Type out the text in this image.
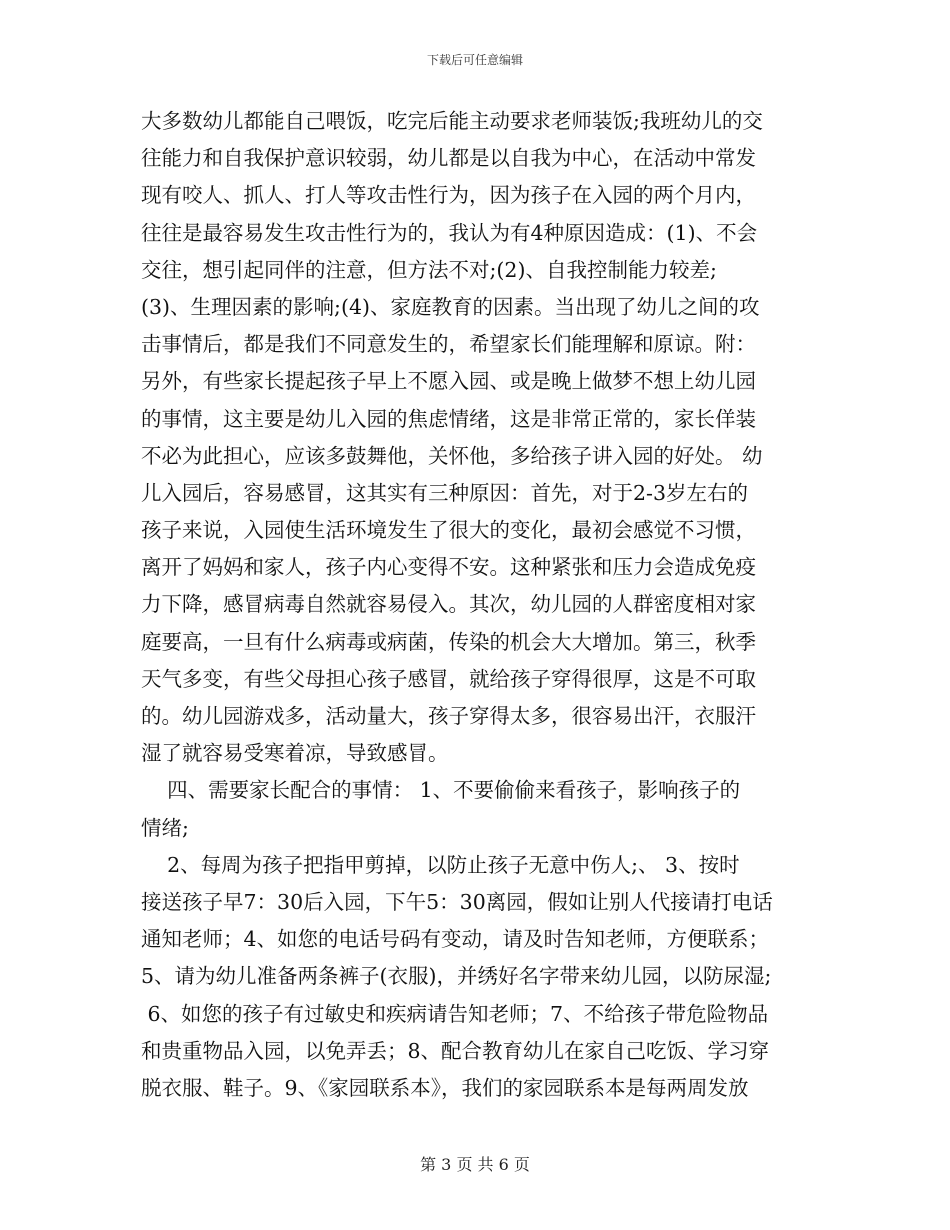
下载后可任意编辑
大多数幼儿都能自己喂饭，吃完后能主动要求老师装饭;我班幼儿的交
往能力和自我保护意识较弱，幼儿都是以自我为中心，在活动中常发
现有咬人、抓人、打人等攻击性行为，因为孩子在入园的两个月内，
往往是最容易发生攻击性行为的，我认为有4种原因造成：(1)、不会
交往，想引起同伴的注意，但方法不对;(2)、自我控制能力较差;
(3)、生理因素的影响;(4)、家庭教育的因素。当出现了幼儿之间的攻
击事情后，都是我们不同意发生的，希望家长们能理解和原谅。附：
另外，有些家长提起孩子早上不愿入园、或是晚上做梦不想上幼儿园
的事情，这主要是幼儿入园的焦虑情绪，这是非常正常的，家长佯装
不必为此担心，应该多鼓舞他，关怀他，多给孩子讲入园的好处。 幼
儿入园后，容易感冒，这其实有三种原因：首先，对于2-3岁左右的
孩子来说，入园使生活环境发生了很大的变化，最初会感觉不习惯，
离开了妈妈和家人，孩子内心变得不安。这种紧张和压力会造成免疫
力下降，感冒病毒自然就容易侵入。其次，幼儿园的人群密度相对家
庭要高，一旦有什么病毒或病菌，传染的机会大大增加。第三，秋季
天气多变，有些父母担心孩子感冒，就给孩子穿得很厚，这是不可取
的。幼儿园游戏多，活动量大，孩子穿得太多，很容易出汗，衣服汗
湿了就容易受寒着凉，导致感冒。
四、需要家长配合的事情： 1、不要偷偷来看孩子，影响孩子的
情绪;
2、每周为孩子把指甲剪掉，以防止孩子无意中伤人;、 3、按时
接送孩子早7：30后入园，下午5：30离园，假如让别人代接请打电话
通知老师；4、如您的电话号码有变动，请及时告知老师，方便联系；
5、请为幼儿准备两条裤子(衣服)，并绣好名字带来幼儿园，以防尿湿;
6、如您的孩子有过敏史和疾病请告知老师；7、不给孩子带危险物品
和贵重物品入园，以免弄丢；8、配合教育幼儿在家自己吃饭、学习穿
脱衣服、鞋子。9、《家园联系本》，我们的家园联系本是每两周发放
第 3 页 共 6 页
